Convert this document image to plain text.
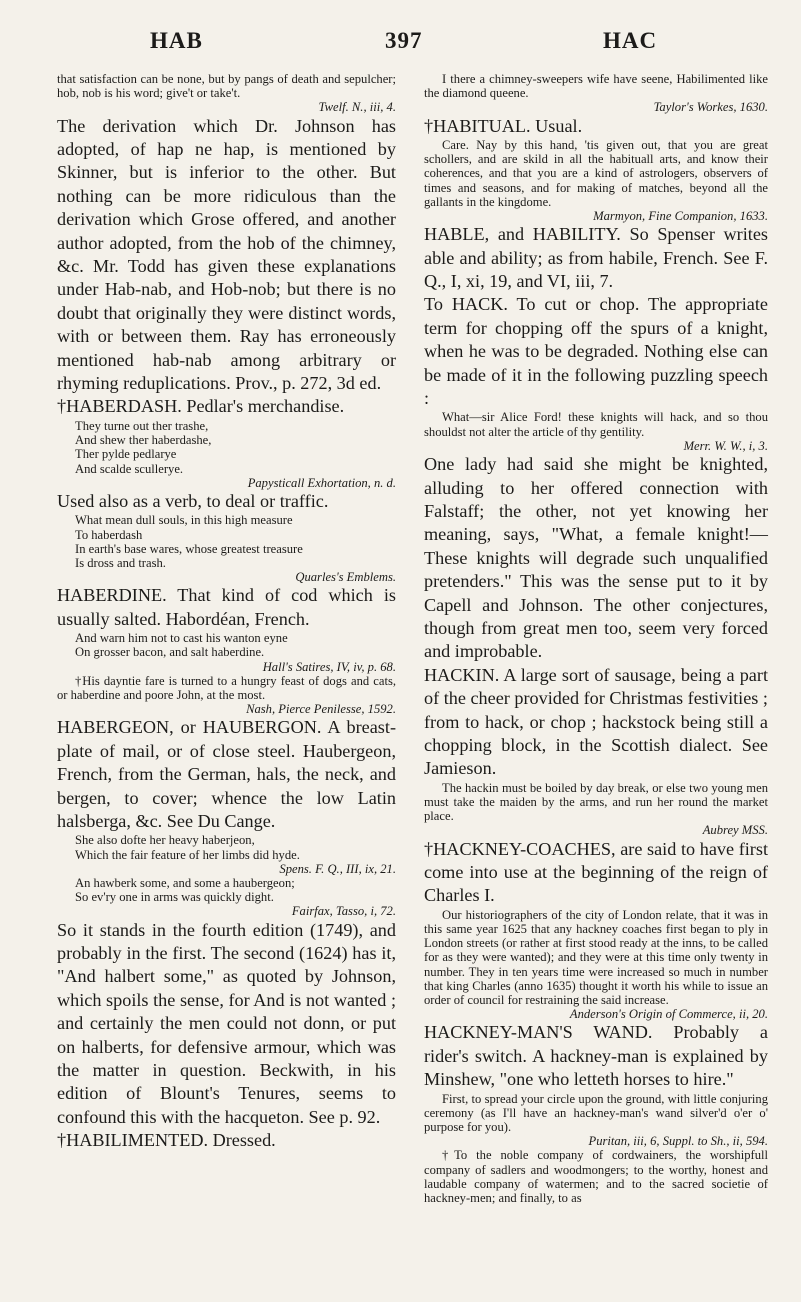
HAB	397	HAC

that satisfaction can be none, but by pangs of death and sepulcher; hob, nob is his word; give't or take't.

Twelf. N., iii, 4.

The derivation which Dr. Johnson has adopted, of hap ne hap, is mentioned by Skinner, but is inferior to the other. But nothing can be more ridiculous than the derivation which Grose offered, and another author adopted, from the hob of the chimney, &c. Mr. Todd has given these explanations under Hab-nab, and Hob-nob; but there is no doubt that originally they were distinct words, with or between them. Ray has erroneously mentioned hab-nab among arbitrary or rhyming reduplications. Prov., p. 272, 3d ed.

†HABERDASH. Pedlar's merchandise.

They turne out ther trashe,

And shew ther haberdashe,

Ther pylde pedlarye

And scalde sculleryе.

Papysticall Exhortation, n. d.

Used also as a verb, to deal or traffic.

What mean dull souls, in this high measure

To haberdash

In earth's base wares, whose greatest treasure

Is dross and trash.

Quarles's Emblems.

HABERDINE. That kind of cod which is usually salted. Habordéan, French.

And warn him not to cast his wanton eyne

On grosser bacon, and salt haberdine.

Hall's Satires, IV, iv, p. 68.

†His dayntie fare is turned to a hungry feast of dogs and cats, or haberdine and poore John, at the most.

Nash, Pierce Penilesse, 1592.

HABERGEON, or HAUBERGON. A breast-plate of mail, or of close steel. Haubergeon, French, from the German, hals, the neck, and bergen, to cover; whence the low Latin halsberga, &c. See Du Cange.

She also dofte her heavy haberjeon,

Which the fair feature of her limbs did hyde.

Spens. F. Q., III, ix, 21.

An hawberk some, and some a haubergeon;

So ev'ry one in arms was quickly dight.

Fairfax, Tasso, i, 72.

So it stands in the fourth edition (1749), and probably in the first. The second (1624) has it, "And halbert some," as quoted by Johnson, which spoils the sense, for And is not wanted ; and certainly the men could not donn, or put on halberts, for defensive armour, which was the matter in question. Beckwith, in his edition of Blount's Tenures, seems to confound this with the hacqueton. See p. 92.

†HABILIMENTED. Dressed.

I there a chimney-sweepers wife have seene, Habilimented like the diamond queene.

Taylor's Workes, 1630.

†HABITUAL. Usual.

Care. Nay by this hand, 'tis given out, that you are great schollers, and are skild in all the habituall arts, and know their coherences, and that you are a kind of astrologers, observers of times and seasons, and for making of matches, beyond all the gallants in the kingdome.

Marmyon, Fine Companion, 1633.

HABLE, and HABILITY. So Spenser writes able and ability; as from habile, French. See F. Q., I, xi, 19, and VI, iii, 7.

To HACK. To cut or chop. The appropriate term for chopping off the spurs of a knight, when he was to be degraded. Nothing else can be made of it in the following puzzling speech :

What—sir Alice Ford! these knights will hack, and so thou shouldst not alter the article of thy gentility.

Merr. W. W., i, 3.

One lady had said she might be knighted, alluding to her offered connection with Falstaff; the other, not yet knowing her meaning, says, "What, a female knight!—These knights will degrade such unqualified pretenders." This was the sense put to it by Capell and Johnson. The other conjectures, though from great men too, seem very forced and improbable.

HACKIN. A large sort of sausage, being a part of the cheer provided for Christmas festivities ; from to hack, or chop ; hackstock being still a chopping block, in the Scottish dialect. See Jamieson.

The hackin must be boiled by day break, or else two young men must take the maiden by the arms, and run her round the market place.

Aubrey MSS.

†HACKNEY-COACHES, are said to have first come into use at the beginning of the reign of Charles I.

Our historiographers of the city of London relate, that it was in this same year 1625 that any hackney coaches first began to ply in London streets (or rather at first stood ready at the inns, to be called for as they were wanted); and they were at this time only twenty in number. They in ten years time were increased so much in number that king Charles (anno 1635) thought it worth his while to issue an order of council for restraining the said increase.

Anderson's Origin of Commerce, ii, 20.

HACKNEY-MAN'S WAND. Probably a rider's switch. A hackney-man is explained by Minshew, "one who letteth horses to hire."

First, to spread your circle upon the ground, with little conjuring ceremony (as I'll have an hackney-man's wand silver'd o'er o' purpose for you).

Puritan, iii, 6, Suppl. to Sh., ii, 594.

†To the noble company of cordwainers, the worshipfull company of sadlers and woodmongers; to the worthy, honest and laudable company of watermen; and to the sacred societie of hackney-men; and finally, to as
